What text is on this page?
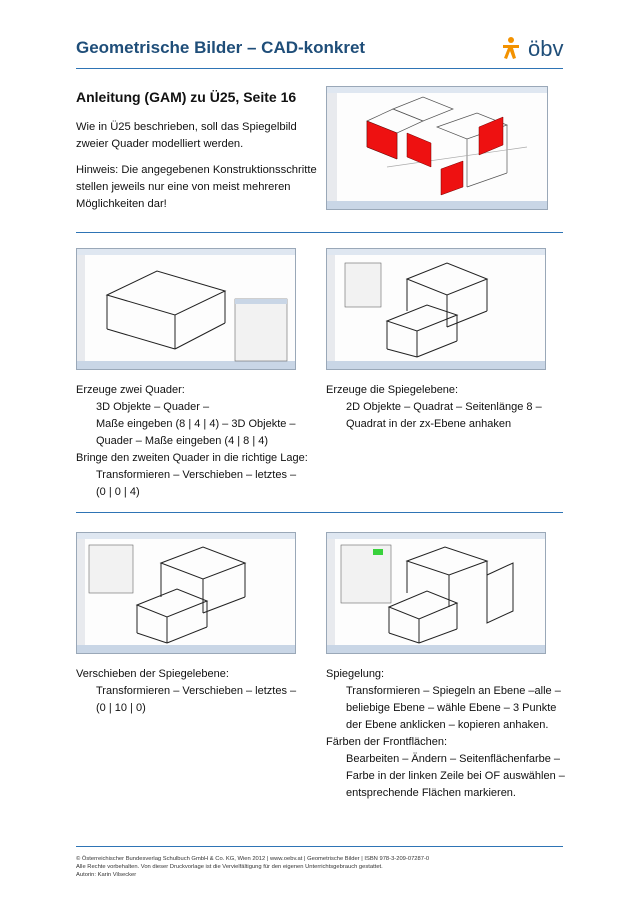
Geometrische Bilder – CAD-konkret	öbv
Anleitung (GAM) zu Ü25, Seite 16
Wie in Ü25 beschrieben, soll das Spiegelbild
zweier Quader modelliert werden.
Hinweis: Die angegebenen Konstruktionsschritte
stellen jeweils nur eine von meist mehreren
Möglichkeiten dar!
Erzeuge zwei Quader:
3D Objekte – Quader –
Maße eingeben (8 | 4 | 4) – 3D Objekte –
Quader – Maße eingeben (4 | 8 | 4)
Bringe den zweiten Quader in die richtige Lage:
Transformieren – Verschieben – letztes –
(0 | 0 | 4)
Erzeuge die Spiegelebene:
2D Objekte – Quadrat – Seitenlänge 8 –
Quadrat in der zx-Ebene anhaken
Verschieben der Spiegelebene:
Transformieren – Verschieben – letztes –
(0 | 10 | 0)
Spiegelung:
Transformieren – Spiegeln an Ebene –alle –
beliebige Ebene – wähle Ebene – 3 Punkte
der Ebene anklicken – kopieren anhaken.
Färben der Frontflächen:
Bearbeiten – Ändern – Seitenflächenfarbe –
Farbe in der linken Zeile bei OF auswählen –
entsprechende Flächen markieren.
© Österreichischer Bundesverlag Schulbuch GmbH & Co. KG, Wien 2012 | www.oebv.at | Geometrische Bilder | ISBN 978-3-209-07287-0
Alle Rechte vorbehalten. Von dieser Druckvorlage ist die Vervielfältigung für den eigenen Unterrichtsgebrauch gestattet.
Autorin: Karin Vilsecker
